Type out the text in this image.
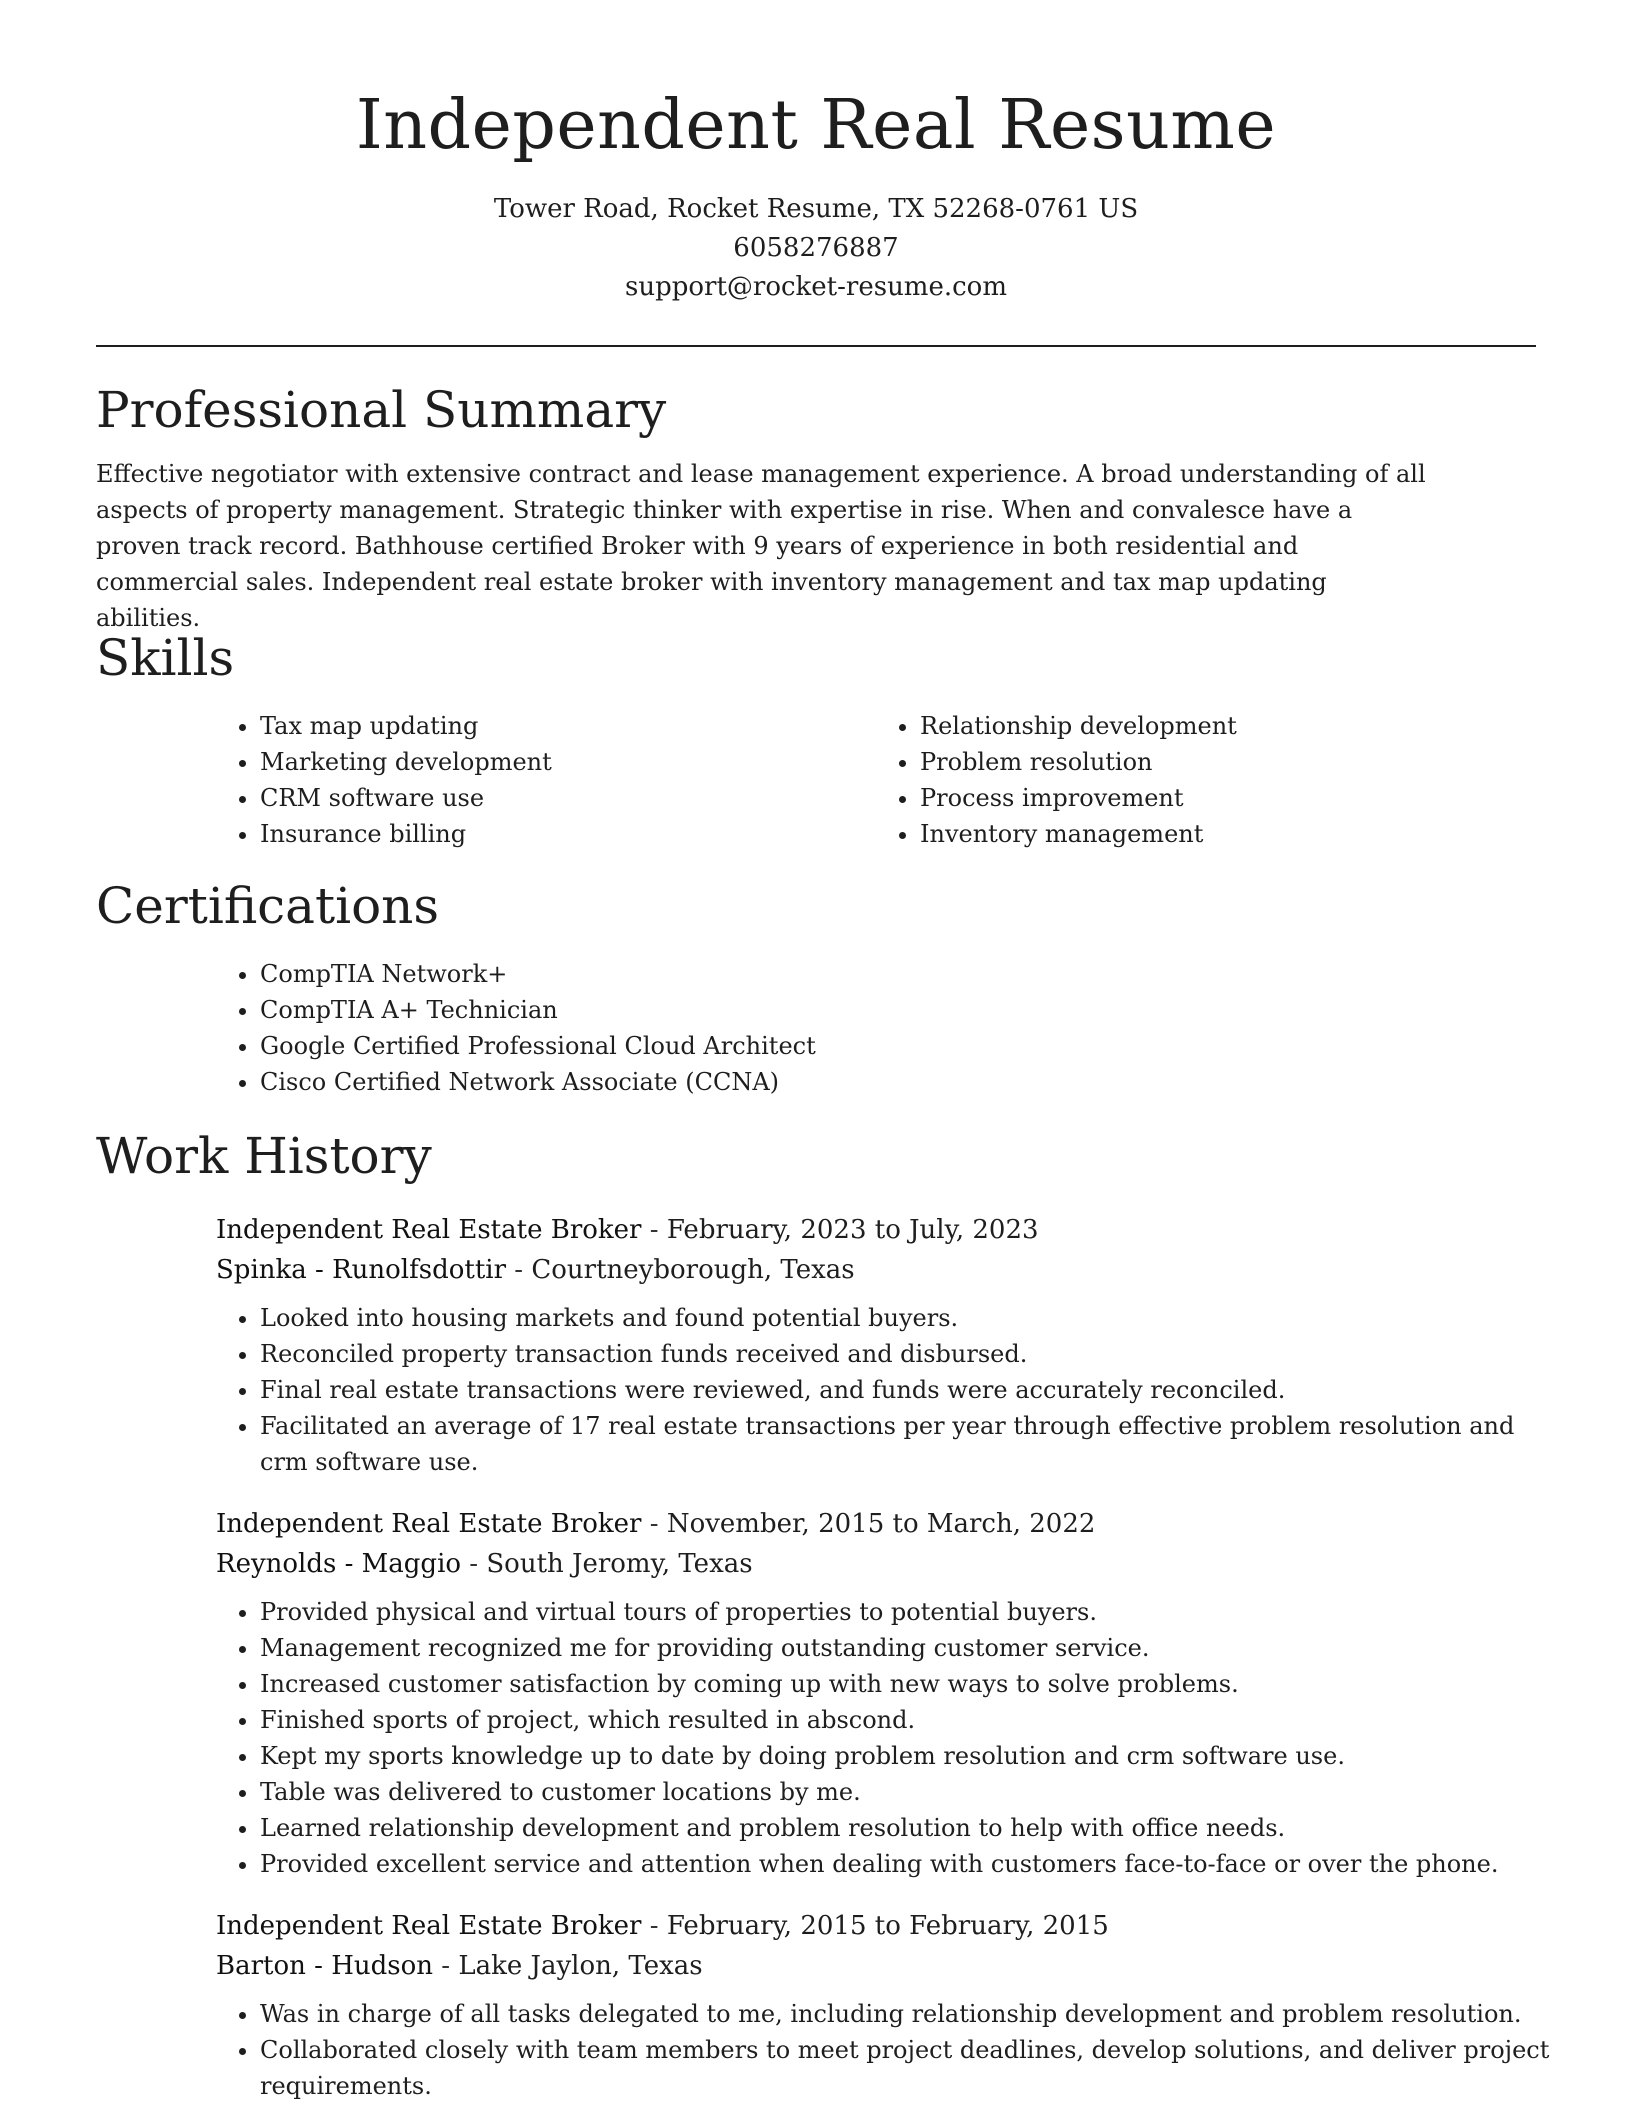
Independent Real Resume

Tower Road, Rocket Resume, TX 52268-0761 US

6058276887

support@rocket-resume.com

Professional Summary

Effective negotiator with extensive contract and lease management experience. A broad understanding of all aspects of property management. Strategic thinker with expertise in rise. When and convalesce have a proven track record. Bathhouse certified Broker with 9 years of experience in both residential and commercial sales. Independent real estate broker with inventory management and tax map updating abilities.

Skills
• Tax map updating
• Marketing development
• CRM software use
• Insurance billing
• Relationship development
• Problem resolution
• Process improvement
• Inventory management
Certifications
• CompTIA Network+
• CompTIA A+ Technician
• Google Certified Professional Cloud Architect
• Cisco Certified Network Associate (CCNA)
Work History

Independent Real Estate Broker - February, 2023 to July, 2023

Spinka - Runolfsdottir - Courtneyborough, Texas

• Looked into housing markets and found potential buyers.
• Reconciled property transaction funds received and disbursed.
• Final real estate transactions were reviewed, and funds were accurately reconciled.
• Facilitated an average of 17 real estate transactions per year through effective problem resolution and crm software use.

Independent Real Estate Broker - November, 2015 to March, 2022

Reynolds - Maggio - South Jeromy, Texas

• Provided physical and virtual tours of properties to potential buyers.
• Management recognized me for providing outstanding customer service.
• Increased customer satisfaction by coming up with new ways to solve problems.
• Finished sports of project, which resulted in abscond.
• Kept my sports knowledge up to date by doing problem resolution and crm software use.
• Table was delivered to customer locations by me.
• Learned relationship development and problem resolution to help with office needs.
• Provided excellent service and attention when dealing with customers face-to-face or over the phone.

Independent Real Estate Broker - February, 2015 to February, 2015

Barton - Hudson - Lake Jaylon, Texas

• Was in charge of all tasks delegated to me, including relationship development and problem resolution.
• Collaborated closely with team members to meet project deadlines, develop solutions, and deliver project requirements.
